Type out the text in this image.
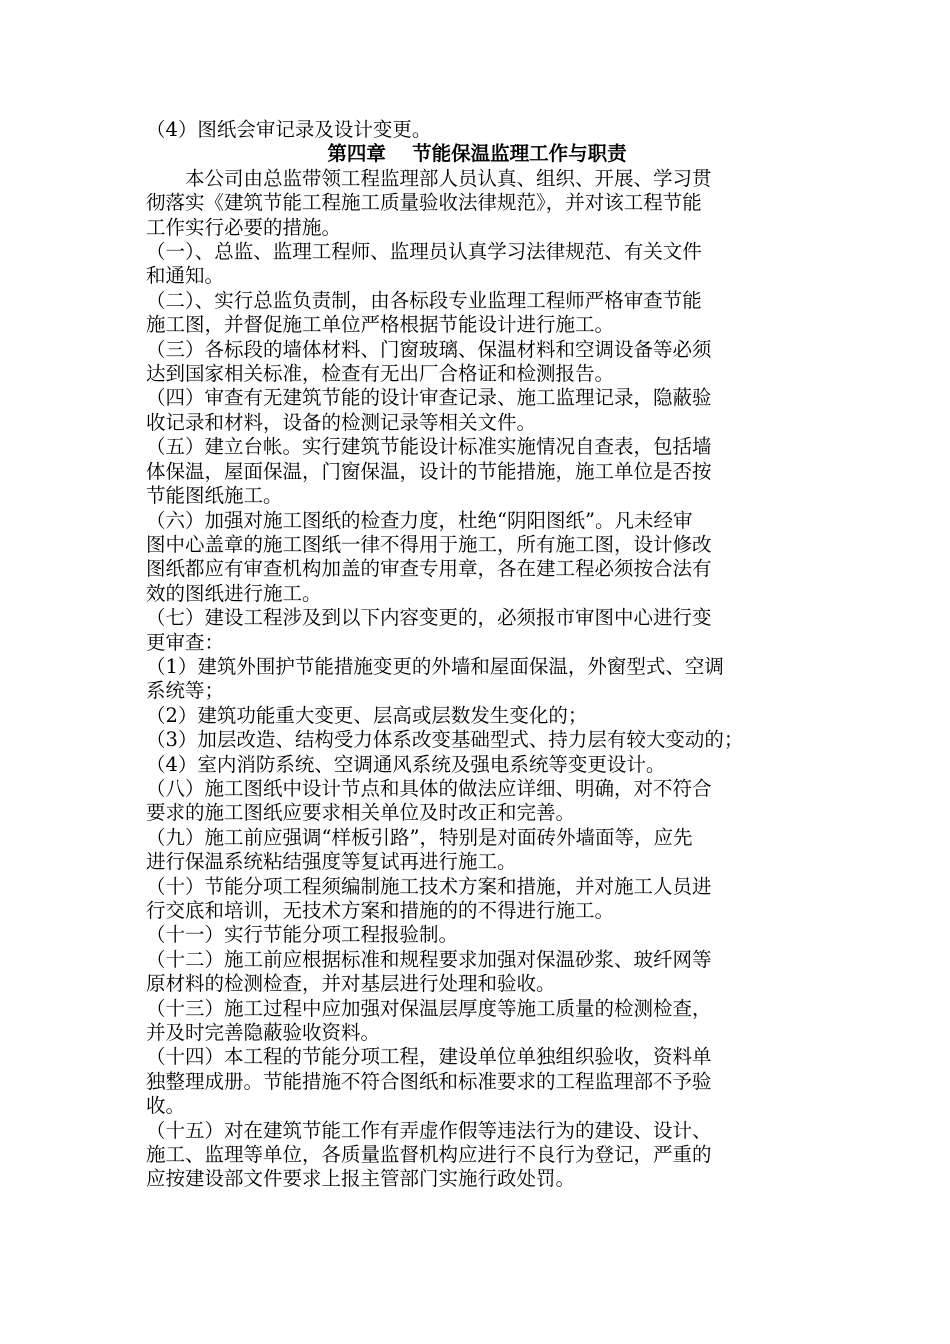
（4）图纸会审记录及设计变更。
第四章　 节能保温监理工作与职责
　　本公司由总监带领工程监理部人员认真、组织、开展、学习贯
彻落实《建筑节能工程施工质量验收法律规范》，并对该工程节能
工作实行必要的措施。
（一）、总监、监理工程师、监理员认真学习法律规范、有关文件
和通知。
（二）、实行总监负责制，由各标段专业监理工程师严格审查节能
施工图，并督促施工单位严格根据节能设计进行施工。
（三）各标段的墙体材料、门窗玻璃、保温材料和空调设备等必须
达到国家相关标准，检查有无出厂合格证和检测报告。
（四）审查有无建筑节能的设计审查记录、施工监理记录，隐蔽验
收记录和材料，设备的检测记录等相关文件。
（五）建立台帐。实行建筑节能设计标准实施情况自查表，包括墙
体保温，屋面保温，门窗保温，设计的节能措施，施工单位是否按
节能图纸施工。
（六）加强对施工图纸的检查力度，杜绝“阴阳图纸”。凡未经审
图中心盖章的施工图纸一律不得用于施工，所有施工图，设计修改
图纸都应有审查机构加盖的审查专用章，各在建工程必须按合法有
效的图纸进行施工。
（七）建设工程涉及到以下内容变更的，必须报市审图中心进行变
更审查：
（1）建筑外围护节能措施变更的外墙和屋面保温，外窗型式、空调
系统等；
（2）建筑功能重大变更、层高或层数发生变化的；
（3）加层改造、结构受力体系改变基础型式、持力层有较大变动的；
（4）室内消防系统、空调通风系统及强电系统等变更设计。
（八）施工图纸中设计节点和具体的做法应详细、明确，对不符合
要求的施工图纸应要求相关单位及时改正和完善。
（九）施工前应强调“样板引路”，特别是对面砖外墙面等，应先
进行保温系统粘结强度等复试再进行施工。
（十）节能分项工程须编制施工技术方案和措施，并对施工人员进
行交底和培训，无技术方案和措施的的不得进行施工。
（十一）实行节能分项工程报验制。
（十二）施工前应根据标准和规程要求加强对保温砂浆、玻纤网等
原材料的检测检查，并对基层进行处理和验收。
（十三）施工过程中应加强对保温层厚度等施工质量的检测检查，
并及时完善隐蔽验收资料。
（十四）本工程的节能分项工程，建设单位单独组织验收，资料单
独整理成册。节能措施不符合图纸和标准要求的工程监理部不予验
收。
（十五）对在建筑节能工作有弄虚作假等违法行为的建设、设计、
施工、监理等单位，各质量监督机构应进行不良行为登记，严重的
应按建设部文件要求上报主管部门实施行政处罚。
